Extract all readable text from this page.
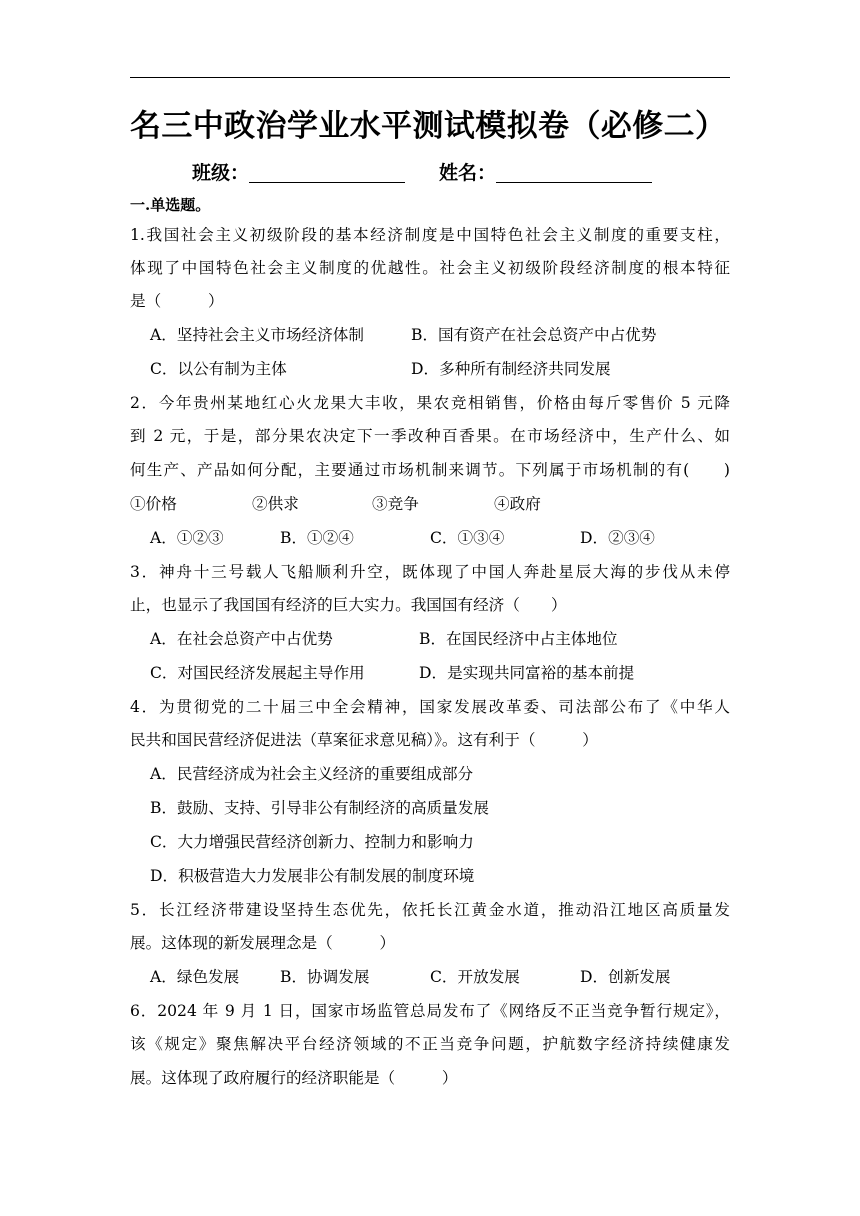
名三中政治学业水平测试模拟卷（必修二）
班级：	姓名：
一.单选题。
1.我国社会主义初级阶段的基本经济制度是中国特色社会主义制度的重要支柱，
体现了中国特色社会主义制度的优越性。社会主义初级阶段经济制度的根本特征
是（　　　）
A．坚持社会主义市场经济体制	B．国有资产在社会总资产中占优势
C．以公有制为主体	D．多种所有制经济共同发展
2．今年贵州某地红心火龙果大丰收，果农竞相销售，价格由每斤零售价 5 元降
到 2 元，于是，部分果农决定下一季改种百香果。在市场经济中，生产什么、如
何生产、产品如何分配，主要通过市场机制来调节。下列属于市场机制的有(　　)
①价格	②供求	③竞争	④政府
A．①②③	B．①②④	C．①③④	D．②③④
3．神舟十三号载人飞船顺利升空，既体现了中国人奔赴星辰大海的步伐从未停
止，也显示了我国国有经济的巨大实力。我国国有经济（　　）
A．在社会总资产中占优势	B．在国民经济中占主体地位
C．对国民经济发展起主导作用	D．是实现共同富裕的基本前提
4．为贯彻党的二十届三中全会精神，国家发展改革委、司法部公布了《中华人
民共和国民营经济促进法（草案征求意见稿）》。这有利于（　　　）
A．民营经济成为社会主义经济的重要组成部分
B．鼓励、支持、引导非公有制经济的高质量发展
C．大力增强民营经济创新力、控制力和影响力
D．积极营造大力发展非公有制发展的制度环境
5．长江经济带建设坚持生态优先，依托长江黄金水道，推动沿江地区高质量发
展。这体现的新发展理念是（　　　）
A．绿色发展	B．协调发展	C．开放发展	D．创新发展
6．2024 年 9 月 1 日，国家市场监管总局发布了《网络反不正当竞争暂行规定》，
该《规定》聚焦解决平台经济领域的不正当竞争问题，护航数字经济持续健康发
展。这体现了政府履行的经济职能是（　　　）
